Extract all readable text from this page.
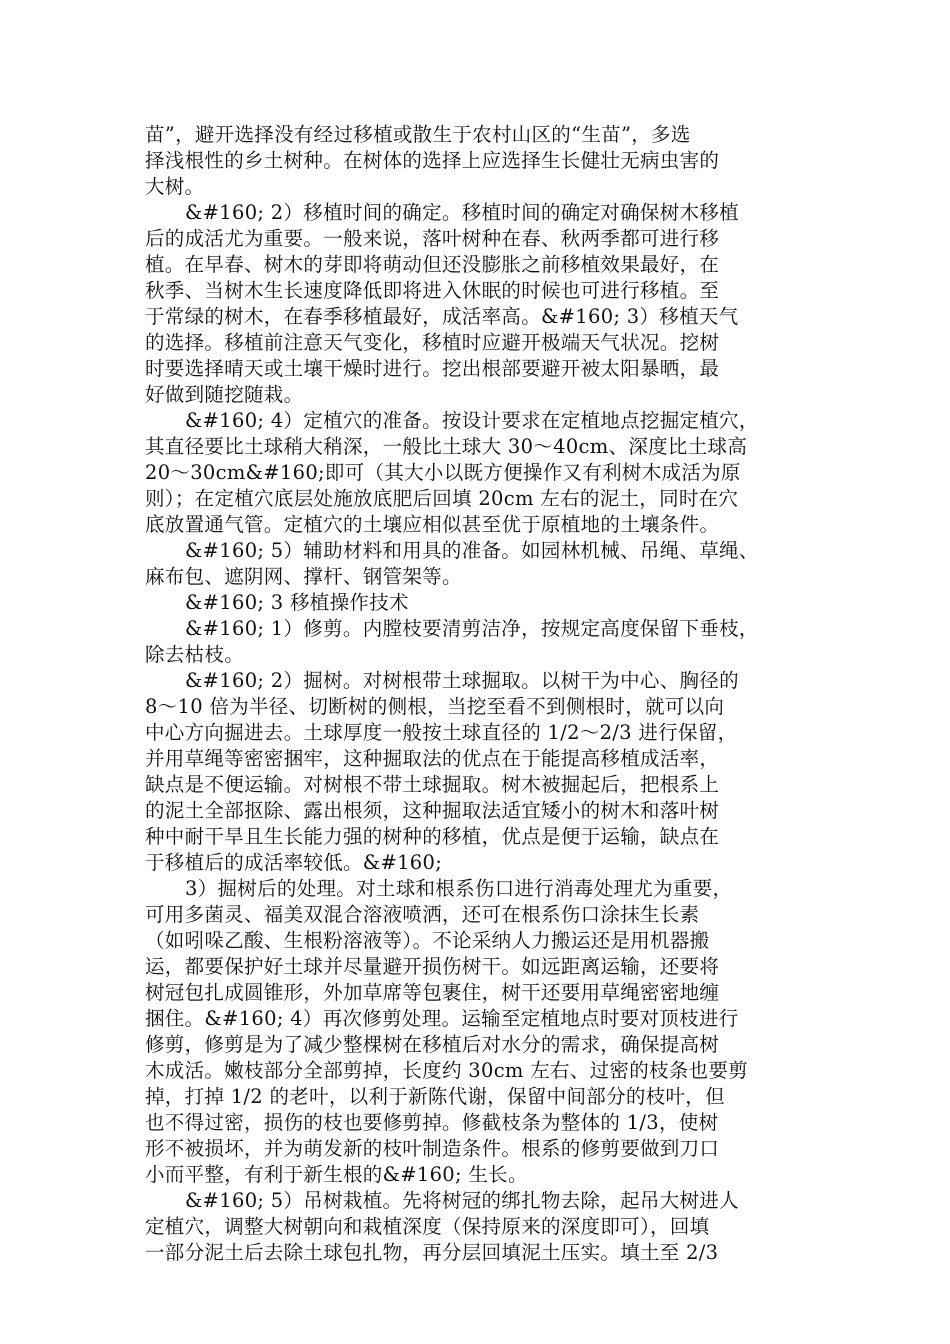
苗”，避开选择没有经过移植或散生于农村山区的“生苗”，多选
择浅根性的乡土树种。在树体的选择上应选择生长健壮无病虫害的
大树。
&#160; 2）移植时间的确定。移植时间的确定对确保树木移植
后的成活尤为重要。一般来说，落叶树种在春、秋两季都可进行移
植。在早春、树木的芽即将萌动但还没膨胀之前移植效果最好，在
秋季、当树木生长速度降低即将进入休眠的时候也可进行移植。至
于常绿的树木，在春季移植最好，成活率高。&#160; 3）移植天气
的选择。移植前注意天气变化，移植时应避开极端天气状况。挖树
时要选择晴天或土壤干燥时进行。挖出根部要避开被太阳暴晒，最
好做到随挖随栽。
&#160; 4）定植穴的准备。按设计要求在定植地点挖掘定植穴，
其直径要比土球稍大稍深，一般比土球大 30～40cm、深度比土球高
20～30cm&#160;即可（其大小以既方便操作又有利树木成活为原
则）；在定植穴底层处施放底肥后回填 20cm 左右的泥土，同时在穴
底放置通气管。定植穴的土壤应相似甚至优于原植地的土壤条件。
&#160; 5）辅助材料和用具的准备。如园林机械、吊绳、草绳、
麻布包、遮阴网、撑杆、钢管架等。
&#160; 3 移植操作技术
&#160; 1）修剪。内膛枝要清剪洁净，按规定高度保留下垂枝，
除去枯枝。
&#160; 2）掘树。对树根带土球掘取。以树干为中心、胸径的
8～10 倍为半径、切断树的侧根，当挖至看不到侧根时，就可以向
中心方向掘进去。土球厚度一般按土球直径的 1/2～2/3 进行保留，
并用草绳等密密捆牢，这种掘取法的优点在于能提高移植成活率，
缺点是不便运输。对树根不带土球掘取。树木被掘起后，把根系上
的泥土全部抠除、露出根须，这种掘取法适宜矮小的树木和落叶树
种中耐干旱且生长能力强的树种的移植，优点是便于运输，缺点在
于移植后的成活率较低。&#160;
3）掘树后的处理。对土球和根系伤口进行消毒处理尤为重要，
可用多菌灵、福美双混合溶液喷洒，还可在根系伤口涂抹生长素
（如吲哚乙酸、生根粉溶液等）。不论采纳人力搬运还是用机器搬
运，都要保护好土球并尽量避开损伤树干。如远距离运输，还要将
树冠包扎成圆锥形，外加草席等包裹住，树干还要用草绳密密地缠
捆住。&#160; 4）再次修剪处理。运输至定植地点时要对顶枝进行
修剪，修剪是为了减少整棵树在移植后对水分的需求，确保提高树
木成活。嫩枝部分全部剪掉，长度约 30cm 左右、过密的枝条也要剪
掉，打掉 1/2 的老叶，以利于新陈代谢，保留中间部分的枝叶，但
也不得过密，损伤的枝也要修剪掉。修截枝条为整体的 1/3，使树
形不被损坏，并为萌发新的枝叶制造条件。根系的修剪要做到刀口
小而平整，有利于新生根的&#160; 生长。
&#160; 5）吊树栽植。先将树冠的绑扎物去除，起吊大树进人
定植穴，调整大树朝向和栽植深度（保持原来的深度即可），回填
一部分泥土后去除土球包扎物，再分层回填泥土压实。填土至 2/3
